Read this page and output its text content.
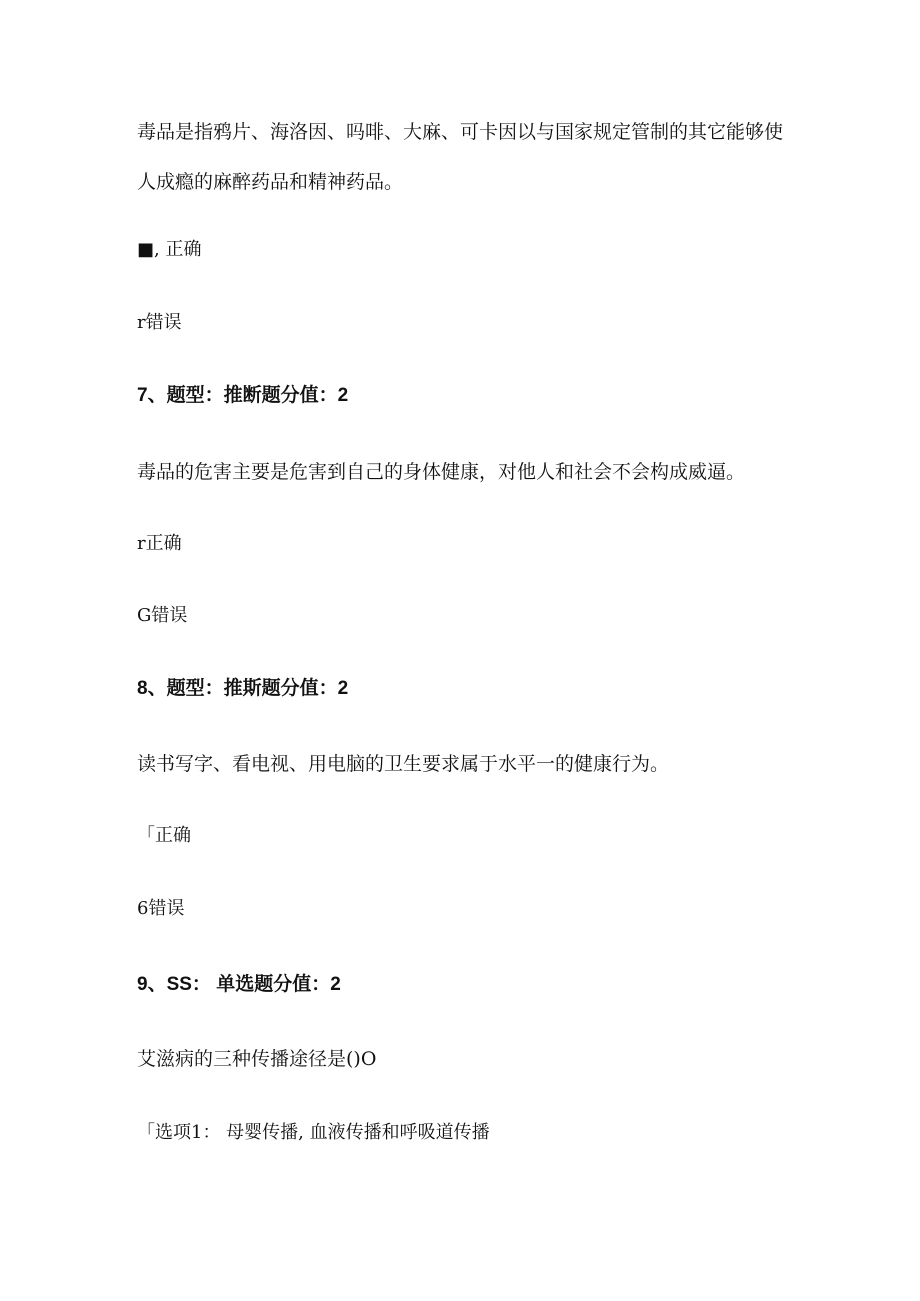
毒品是指鸦片、海洛因、吗啡、大麻、可卡因以与国家规定管制的其它能够使
人成瘾的麻醉药品和精神药品。
■, 正确
r错误
7、题型：推断题分值：2
毒品的危害主要是危害到自己的身体健康，对他人和社会不会构成威逼。
r正确
G错误
8、题型：推斯题分值：2
读书写字、看电视、用电脑的卫生要求属于水平一的健康行为。
「正确
6错误
9、SS： 单选题分值：2
艾滋病的三种传播途径是()O
「选项1： 母婴传播, 血液传播和呼吸道传播
